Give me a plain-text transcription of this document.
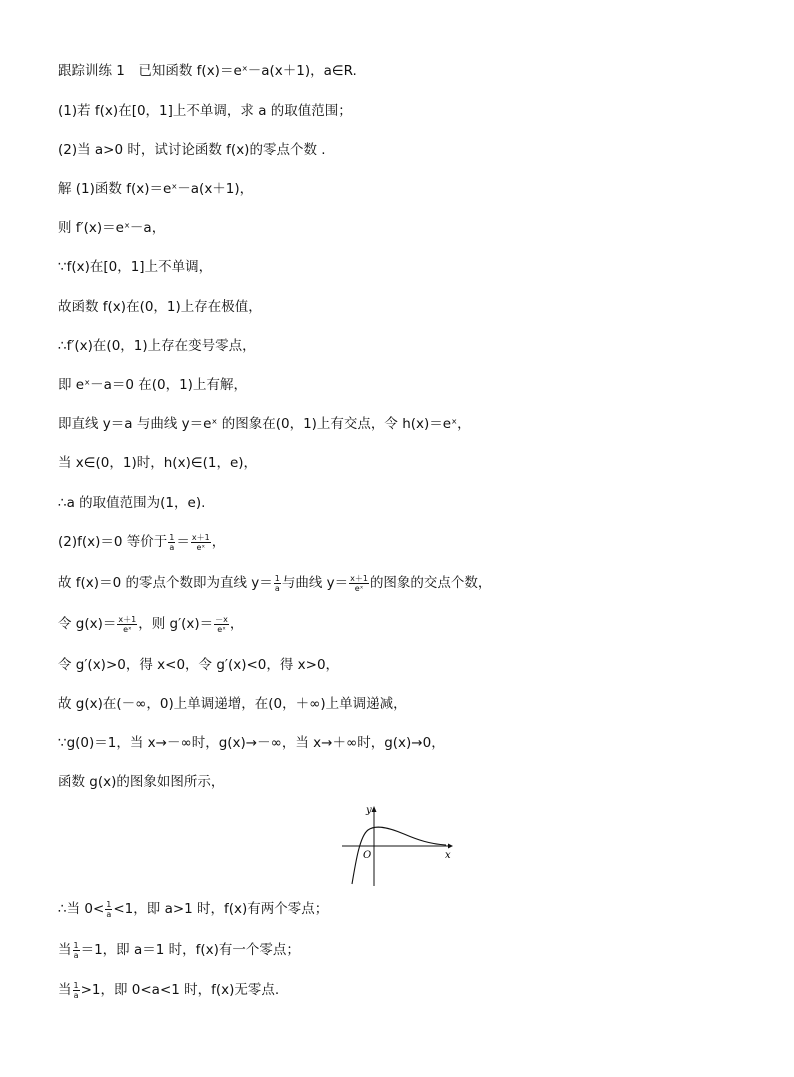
跟踪训练 1　已知函数 f(x)＝eˣ－a(x＋1)，a∈R.
(1)若 f(x)在[0，1]上不单调，求 a 的取值范围；
(2)当 a>0 时，试讨论函数 f(x)的零点个数 .
解 (1)函数 f(x)＝eˣ－a(x＋1)，
则 f′(x)＝eˣ－a，
∵f(x)在[0，1]上不单调，
故函数 f(x)在(0，1)上存在极值，
∴f′(x)在(0，1)上存在变号零点，
即 eˣ－a＝0 在(0，1)上有解，
即直线 y＝a 与曲线 y＝eˣ 的图象在(0，1)上有交点，令 h(x)＝eˣ，
当 x∈(0，1)时，h(x)∈(1，e)，
∴a 的取值范围为(1，e).
(2)f(x)＝0 等价于 $\frac{1}{a} = \frac{x+1}{\text{eˣ}}$ ，
故 f(x)＝0 的零点个数即为直线 $y= \frac{1}{a}$ 与曲线 $y= \frac{x+1}{\text{eˣ}}$ 的图象的交点个数，
令 $g(x)= \frac{x+1}{\text{eˣ}}$ ，则 $g'(x)= \frac{-x}{\text{eˣ}}$ ，
令 g′(x)>0，得 x<0，令 g′(x)<0，得 x>0，
故 g(x)在(－∞，0)上单调递增，在(0，＋∞)上单调递减，
∵g(0)＝1，当 x→－∞时，g(x)→－∞，当 x→＋∞时，g(x)→0，
函数 g(x)的图象如图所示，
y
x
O
∴当 $0< \frac{1}{a} <1$，即 a>1 时，f(x)有两个零点；
当 $\frac{1}{a} =1$，即 a＝1 时，f(x)有一个零点；
当 $\frac{1}{a} >1$，即 0<a<1 时，f(x)无零点.
